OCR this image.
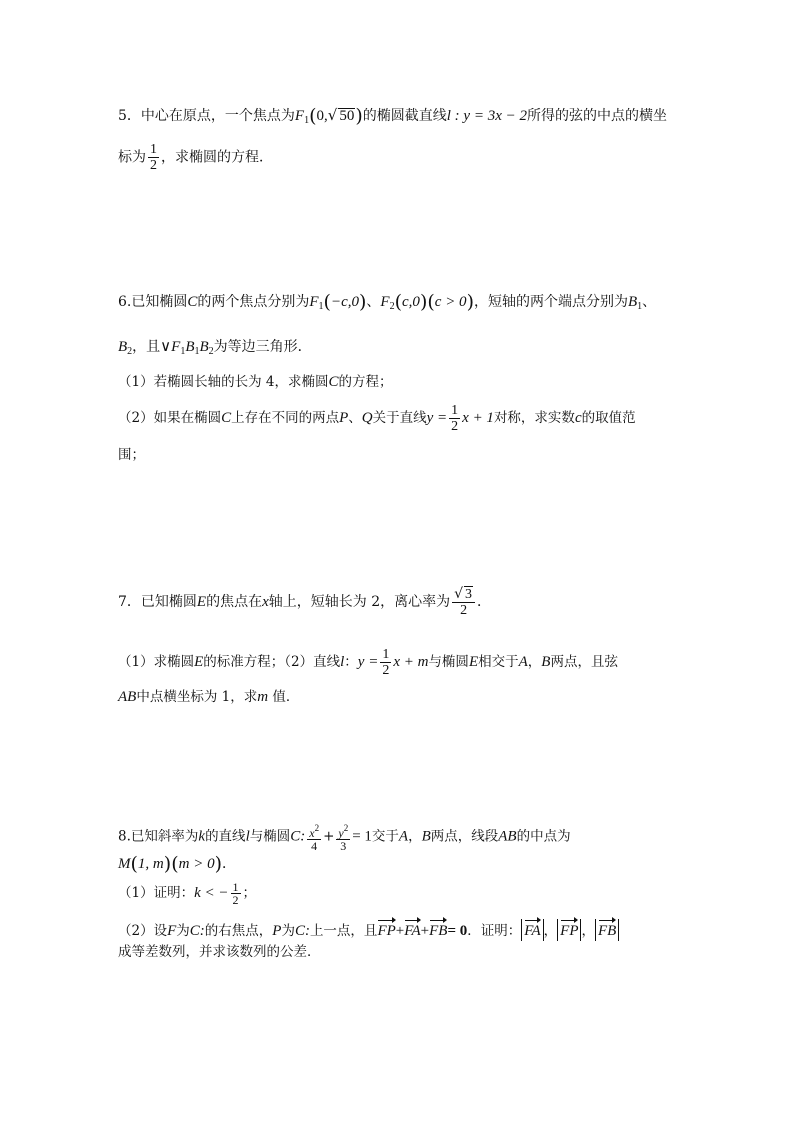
5．中心在原点，一个焦点为$F_1(0,√$ 50)的椭圆截直线l : y = 3x − 2所得的弦的中点的横坐
标为 $\frac{1}{2}$ ，求椭圆的方程．
6.已知椭圆C的两个焦点分别为$F_1(-c,0)$、$F_2(c,0)(c > 0)$，短轴的两个端点分别为$B_1$、
$B_2$，且$\vee F_1B_1B_2$为等边三角形．
（1）若椭圆长轴的长为 4，求椭圆C的方程；
（2）如果在椭圆C上存在不同的两点P、Q关于直线$y = \frac{1}{2}$ x + 1对称，求实数c的取值范
围；
7．已知椭圆E的焦点在x轴上，短轴长为 2，离心率为 $\frac{√ 3}{2}$ ．
（1）求椭圆E的标准方程；（2）直线l：$y = \frac{1}{2}$ x + m与椭圆E相交于A，B两点，且弦
AB中点横坐标为 1，求m 值．
8.已知斜率为k的直线l与椭圆C: $\frac{x^2}{4} + \frac{y^2}{3} = 1$交于A，B两点，线段AB的中点为
M(1, m)(m > 0)．
（1）证明：k < − $\frac{1}{2}$ ；
（2）设F为C:的右焦点，P为C:上一点，且FP+FA+FB= 0．证明： FA ， FP ， FB
成等差数列，并求该数列的公差．
